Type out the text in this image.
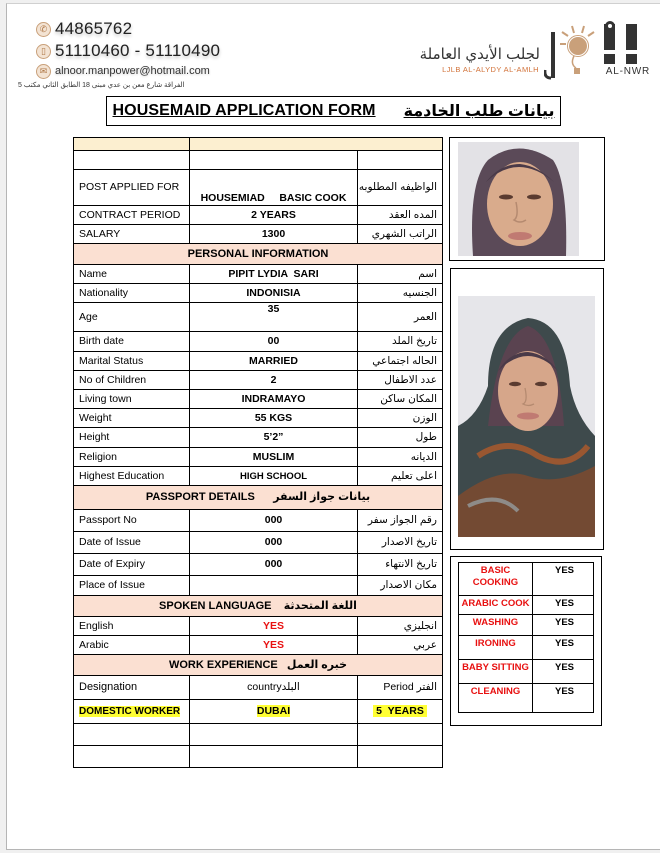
✆ 44865762
▯ 51110460 - 51110490
✉ alnoor.manpower@hotmail.com
الفراقة شارع معن بن عدي مبنى 18 الطابق الثاني مكتب 5
لجلب الأيدي العاملة
LJLB AL-ALYDY AL-AMLH	AL-NWR
HOUSEMAID APPLICATION FORM بيانات طلب الخادمة

POST APPLIED FOR	HOUSEMIAD     BASIC COOK	الواظيفه المطلوبه
CONTRACT PERIOD	2 YEARS	المده العقد
SALARY	1300	الراتب الشهري
PERSONAL INFORMATION		
Name	PIPIT LYDIA  SARI	اسم
Nationality	INDONISIA	الجنسيه
Age	35	العمر
Birth date	00	تاريخ الملد
Marital Status	MARRIED	الحاله اجتماعي
No of Children	2	عدد الاطفال
Living town	INDRAMAYO	المكان ساكن
Weight	55 KGS	الوزن
Height	5’2”	طول
Religion	MUSLIM	الديانه
Highest Education	HIGH SCHOOL	اعلى تعليم
PASSPORT DETAILS بيانات جواز السفر		
Passport No	000	رقم الجواز سفر
Date of Issue	000	تاريخ الاصدار
Date of Expiry	000	تاريخ الانتهاء
Place of Issue		مكان الاصدار
SPOKEN LANGUAGE اللغة المتحدثة		
English	YES	انجليزي
Arabic	YES	عربي
WORK EXPERIENCE خبره العمل		
Designation	countryالبلد	Period الفتر
DOMESTIC WORKER	DUBAI	5  YEARS

BASIC COOKING	YES
ARABIC COOK	YES
WASHING	YES
IRONING	YES
BABY SITTING	YES
CLEANING	YES
